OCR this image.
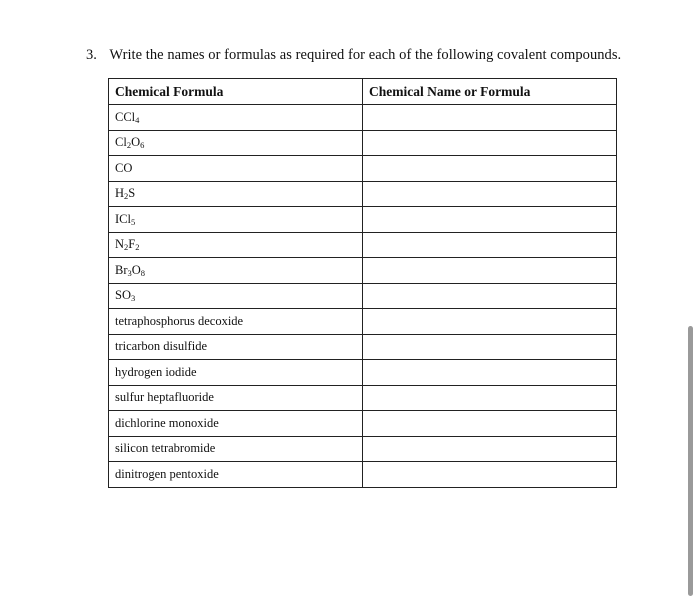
3. Write the names or formulas as required for each of the following covalent compounds.
Chemical Formula	Chemical Name or Formula
CCl$_4$	
$Cl_2O_6$	
CO	
$H_2S$	
ICl$_5$	
$N_2F_2$	
$Br_3O_8$	
$SO_3$	
tetraphosphorus decoxide	
tricarbon disulfide	
hydrogen iodide	
sulfur heptafluoride	
dichlorine monoxide	
silicon tetrabromide	
dinitrogen pentoxide	
